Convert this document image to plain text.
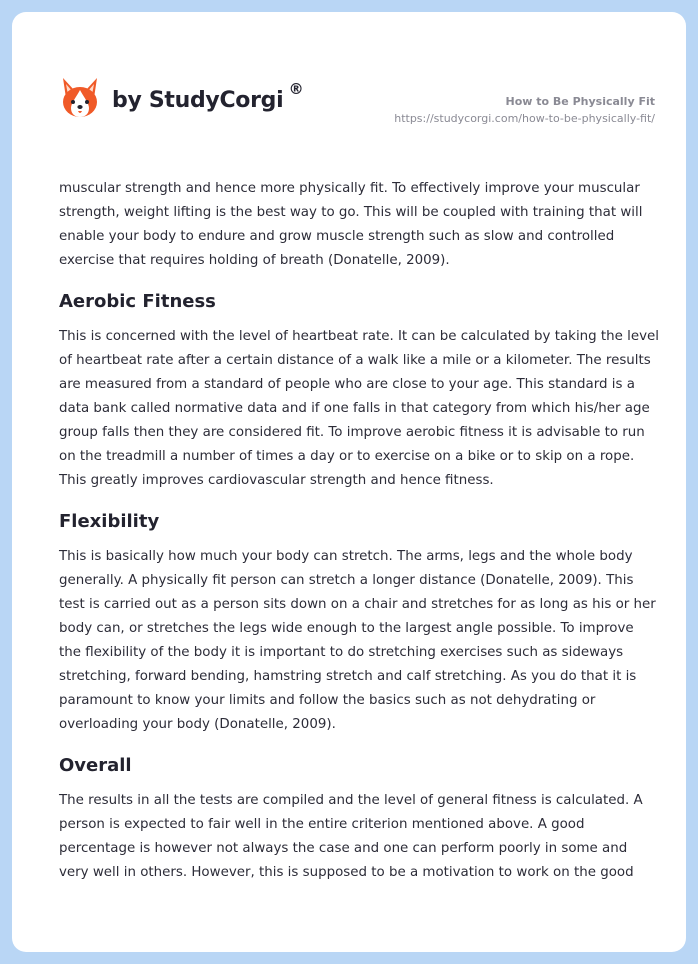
by StudyCorgi ®
How to Be Physically Fit
https://studycorgi.com/how-to-be-physically-fit/

muscular strength and hence more physically fit. To effectively improve your muscular strength, weight lifting is the best way to go. This will be coupled with training that will enable your body to endure and grow muscle strength such as slow and controlled exercise that requires holding of breath (Donatelle, 2009).

Aerobic Fitness

This is concerned with the level of heartbeat rate. It can be calculated by taking the level of heartbeat rate after a certain distance of a walk like a mile or a kilometer. The results are measured from a standard of people who are close to your age. This standard is a data bank called normative data and if one falls in that category from which his/her age group falls then they are considered fit. To improve aerobic fitness it is advisable to run on the treadmill a number of times a day or to exercise on a bike or to skip on a rope. This greatly improves cardiovascular strength and hence fitness.

Flexibility

This is basically how much your body can stretch. The arms, legs and the whole body generally. A physically fit person can stretch a longer distance (Donatelle, 2009). This test is carried out as a person sits down on a chair and stretches for as long as his or her body can, or stretches the legs wide enough to the largest angle possible. To improve the flexibility of the body it is important to do stretching exercises such as sideways stretching, forward bending, hamstring stretch and calf stretching. As you do that it is paramount to know your limits and follow the basics such as not dehydrating or overloading your body (Donatelle, 2009).

Overall

The results in all the tests are compiled and the level of general fitness is calculated. A person is expected to fair well in the entire criterion mentioned above. A good percentage is however not always the case and one can perform poorly in some and very well in others. However, this is supposed to be a motivation to work on the good
